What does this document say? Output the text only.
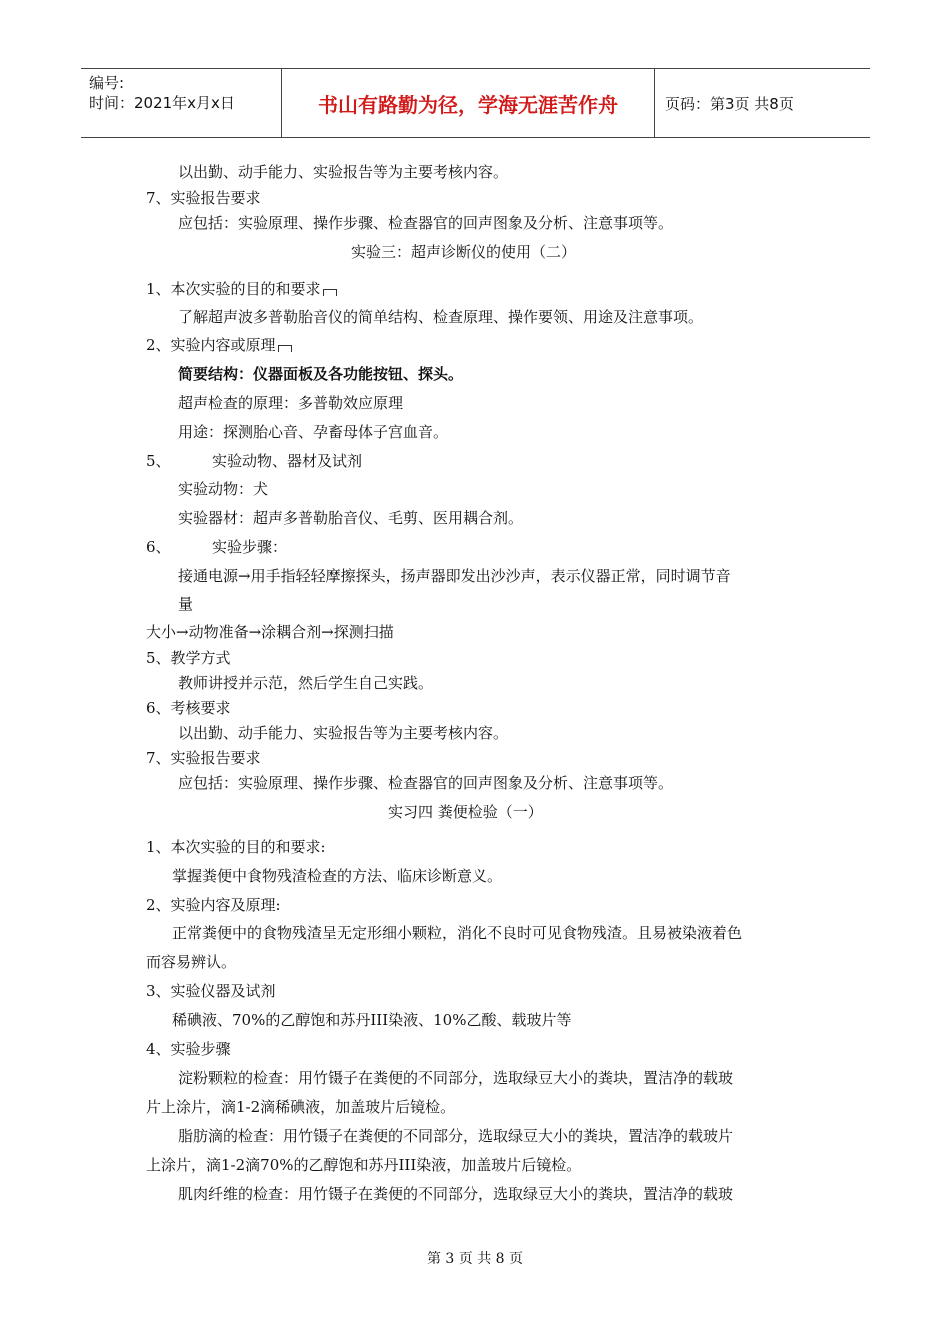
编号:
时间：2021年x月x日	书山有路勤为径，学海无涯苦作舟	页码：第3页 共8页
以出勤、动手能力、实验报告等为主要考核内容。
7、实验报告要求
应包括：实验原理、操作步骤、检查器官的回声图象及分析、注意事项等。
实验三：超声诊断仪的使用（二）
1、本次实验的目的和要求
了解超声波多普勒胎音仪的简单结构、检查原理、操作要领、用途及注意事项。
2、实验内容或原理
简要结构：仪器面板及各功能按钮、探头。
超声检查的原理：多普勒效应原理
用途：探测胎心音、孕畜母体子宫血音。
5、	实验动物、器材及试剂
实验动物：犬
实验器材：超声多普勒胎音仪、毛剪、医用耦合剂。
6、	实验步骤：
接通电源→用手指轻轻摩擦探头，扬声器即发出沙沙声，表示仪器正常，同时调节音
量
大小→动物准备→涂耦合剂→探测扫描
5、教学方式
教师讲授并示范，然后学生自己实践。
6、考核要求
以出勤、动手能力、实验报告等为主要考核内容。
7、实验报告要求
应包括：实验原理、操作步骤、检查器官的回声图象及分析、注意事项等。
实习四 粪便检验（一）
1、本次实验的目的和要求:
掌握粪便中食物残渣检查的方法、临床诊断意义。
2、实验内容及原理:
正常粪便中的食物残渣呈无定形细小颗粒，消化不良时可见食物残渣。且易被染液着色
而容易辨认。
3、实验仪器及试剂
稀碘液、70%的乙醇饱和苏丹III染液、10%乙酸、载玻片等
4、实验步骤
淀粉颗粒的检查：用竹镊子在粪便的不同部分，选取绿豆大小的粪块，置洁净的载玻
片上涂片，滴1-2滴稀碘液，加盖玻片后镜检。
脂肪滴的检查：用竹镊子在粪便的不同部分，选取绿豆大小的粪块，置洁净的载玻片
上涂片，滴1-2滴70%的乙醇饱和苏丹III染液，加盖玻片后镜检。
肌肉纤维的检查：用竹镊子在粪便的不同部分，选取绿豆大小的粪块，置洁净的载玻
第 3 页 共 8 页
